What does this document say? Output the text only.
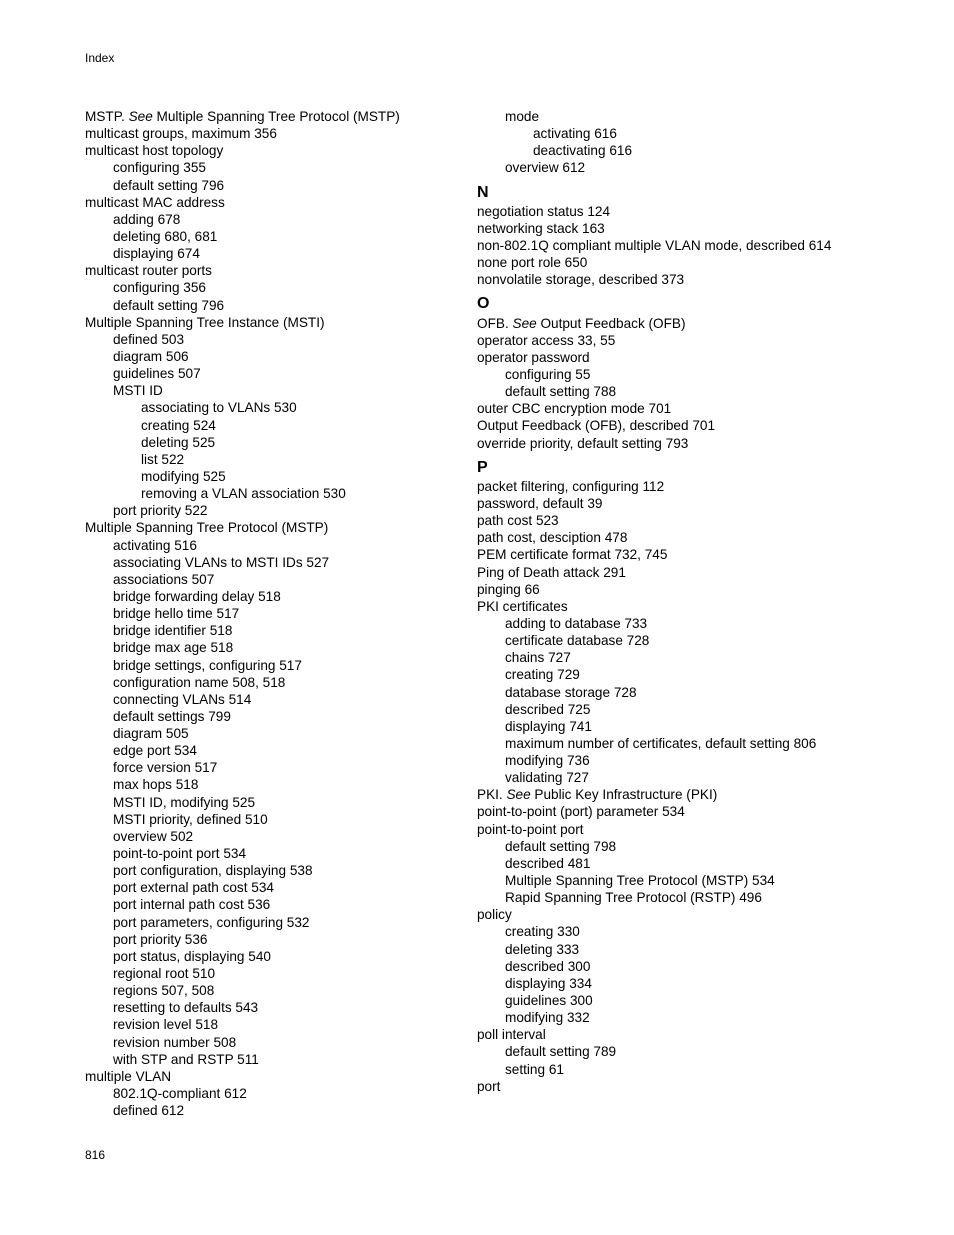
Index
MSTP. See Multiple Spanning Tree Protocol (MSTP)
multicast groups, maximum 356
multicast host topology
configuring 355
default setting 796
multicast MAC address
adding 678
deleting 680, 681
displaying 674
multicast router ports
configuring 356
default setting 796
Multiple Spanning Tree Instance (MSTI)
defined 503
diagram 506
guidelines 507
MSTI ID
associating to VLANs 530
creating 524
deleting 525
list 522
modifying 525
removing a VLAN association 530
port priority 522
Multiple Spanning Tree Protocol (MSTP)
activating 516
associating VLANs to MSTI IDs 527
associations 507
bridge forwarding delay 518
bridge hello time 517
bridge identifier 518
bridge max age 518
bridge settings, configuring 517
configuration name 508, 518
connecting VLANs 514
default settings 799
diagram 505
edge port 534
force version 517
max hops 518
MSTI ID, modifying 525
MSTI priority, defined 510
overview 502
point-to-point port 534
port configuration, displaying 538
port external path cost 534
port internal path cost 536
port parameters, configuring 532
port priority 536
port status, displaying 540
regional root 510
regions 507, 508
resetting to defaults 543
revision level 518
revision number 508
with STP and RSTP 511
multiple VLAN
802.1Q-compliant 612
defined 612
mode
activating 616
deactivating 616
overview 612
N
negotiation status 124
networking stack 163
non-802.1Q compliant multiple VLAN mode, described 614
none port role 650
nonvolatile storage, described 373
O
OFB. See Output Feedback (OFB)
operator access 33, 55
operator password
configuring 55
default setting 788
outer CBC encryption mode 701
Output Feedback (OFB), described 701
override priority, default setting 793
P
packet filtering, configuring 112
password, default 39
path cost 523
path cost, desciption 478
PEM certificate format 732, 745
Ping of Death attack 291
pinging 66
PKI certificates
adding to database 733
certificate database 728
chains 727
creating 729
database storage 728
described 725
displaying 741
maximum number of certificates, default setting 806
modifying 736
validating 727
PKI. See Public Key Infrastructure (PKI)
point-to-point (port) parameter 534
point-to-point port
default setting 798
described 481
Multiple Spanning Tree Protocol (MSTP) 534
Rapid Spanning Tree Protocol (RSTP) 496
policy
creating 330
deleting 333
described 300
displaying 334
guidelines 300
modifying 332
poll interval
default setting 789
setting 61
port
816
